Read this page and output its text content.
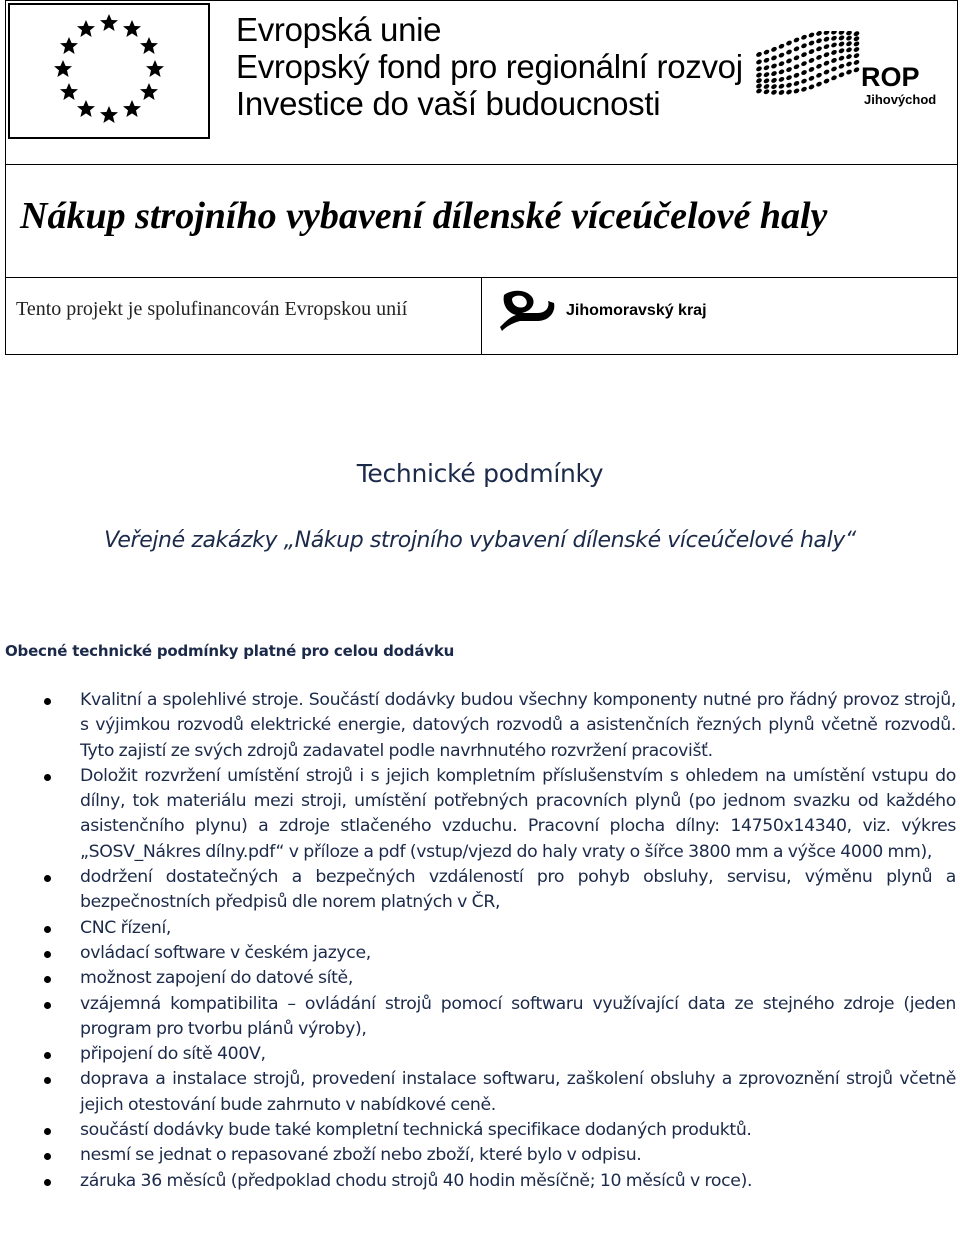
Evropská unie
Evropský fond pro regionální rozvoj
Investice do vaší budoucnosti
ROP
Jihovýchod
Nákup strojního vybavení dílenské víceúčelové haly
Tento projekt je spolufinancován Evropskou unií	Jihomoravský kraj
Technické podmínky
Veřejné zakázky „Nákup strojního vybavení dílenské víceúčelové haly“
Obecné technické podmínky platné pro celou dodávku
Kvalitní a spolehlivé stroje. Součástí dodávky budou všechny komponenty nutné pro řádný provoz strojů, s výjimkou rozvodů elektrické energie, datových rozvodů a asistenčních řezných plynů včetně rozvodů. Tyto zajistí ze svých zdrojů zadavatel podle navrhnutého rozvržení pracovišť.
Doložit rozvržení umístění strojů i s jejich kompletním příslušenstvím s ohledem na umístění vstupu do dílny, tok materiálu mezi stroji, umístění potřebných pracovních plynů (po jednom svazku od každého asistenčního plynu) a zdroje stlačeného vzduchu. Pracovní plocha dílny: 14750x14340, viz. výkres „SOSV_Nákres dílny.pdf“ v příloze a pdf (vstup/vjezd do haly vraty o šířce 3800 mm a výšce 4000 mm),
dodržení dostatečných a bezpečných vzdáleností pro pohyb obsluhy, servisu, výměnu plynů a bezpečnostních předpisů dle norem platných v ČR,
CNC řízení,
ovládací software v českém jazyce,
možnost zapojení do datové sítě,
vzájemná kompatibilita – ovládání strojů pomocí softwaru využívající data ze stejného zdroje (jeden program pro tvorbu plánů výroby),
připojení do sítě 400V,
doprava a instalace strojů, provedení instalace softwaru, zaškolení obsluhy a zprovoznění strojů včetně jejich otestování bude zahrnuto v nabídkové ceně.
součástí dodávky bude také kompletní technická specifikace dodaných produktů.
nesmí se jednat o repasované zboží nebo zboží, které bylo v odpisu.
záruka 36 měsíců (předpoklad chodu strojů 40 hodin měsíčně; 10 měsíců v roce).
